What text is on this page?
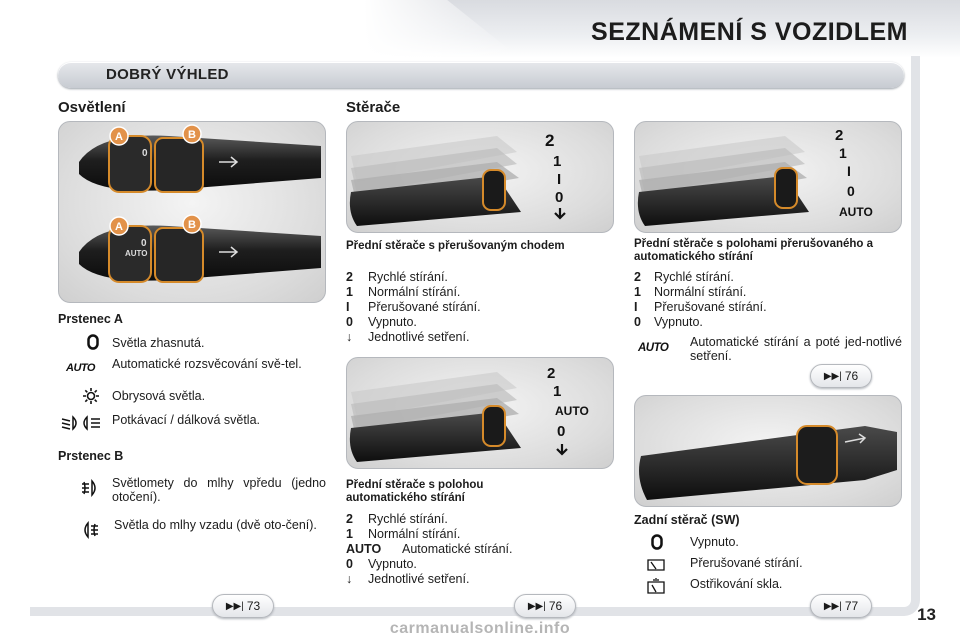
SEZNÁMENÍ S VOZIDLEM
DOBRÝ VÝHLED
Osvětlení
A	B
0
A	B
0
AUTO
Prstenec A
Světla zhasnutá.
AUTO Automatické rozsvěcování svě-tel.
Obrysová světla.
Potkávací / dálková světla.
Prstenec B
Světlomety do mlhy vpředu (jedno otočení).
Světla do mlhy vzadu (dvě oto-čení).
▶▶| 73
Stěrače
2
1
I
0
Přední stěrače s přerušovaným chodem
2 Rychlé stírání.
1 Normální stírání.
I Přerušované stírání.
0 Vypnuto.
↓ Jednotlivé setření.
2
1
AUTO
0
Přední stěrače s polohou automatického stírání
2 Rychlé stírání.
1 Normální stírání.
AUTO Automatické stírání.
0 Vypnuto.
↓ Jednotlivé setření.
▶▶| 76
2
1
I
0
AUTO
Přední stěrače s polohami přerušovaného a automatického stírání
2 Rychlé stírání.
1 Normální stírání.
I Přerušované stírání.
0 Vypnuto.
AUTO Automatické stírání a poté jed-notlivé setření.
▶▶| 76
Zadní stěrač (SW)
Vypnuto.
Přerušované stírání.
Ostřikování skla.
▶▶| 77	13
carmanualsonline.info
